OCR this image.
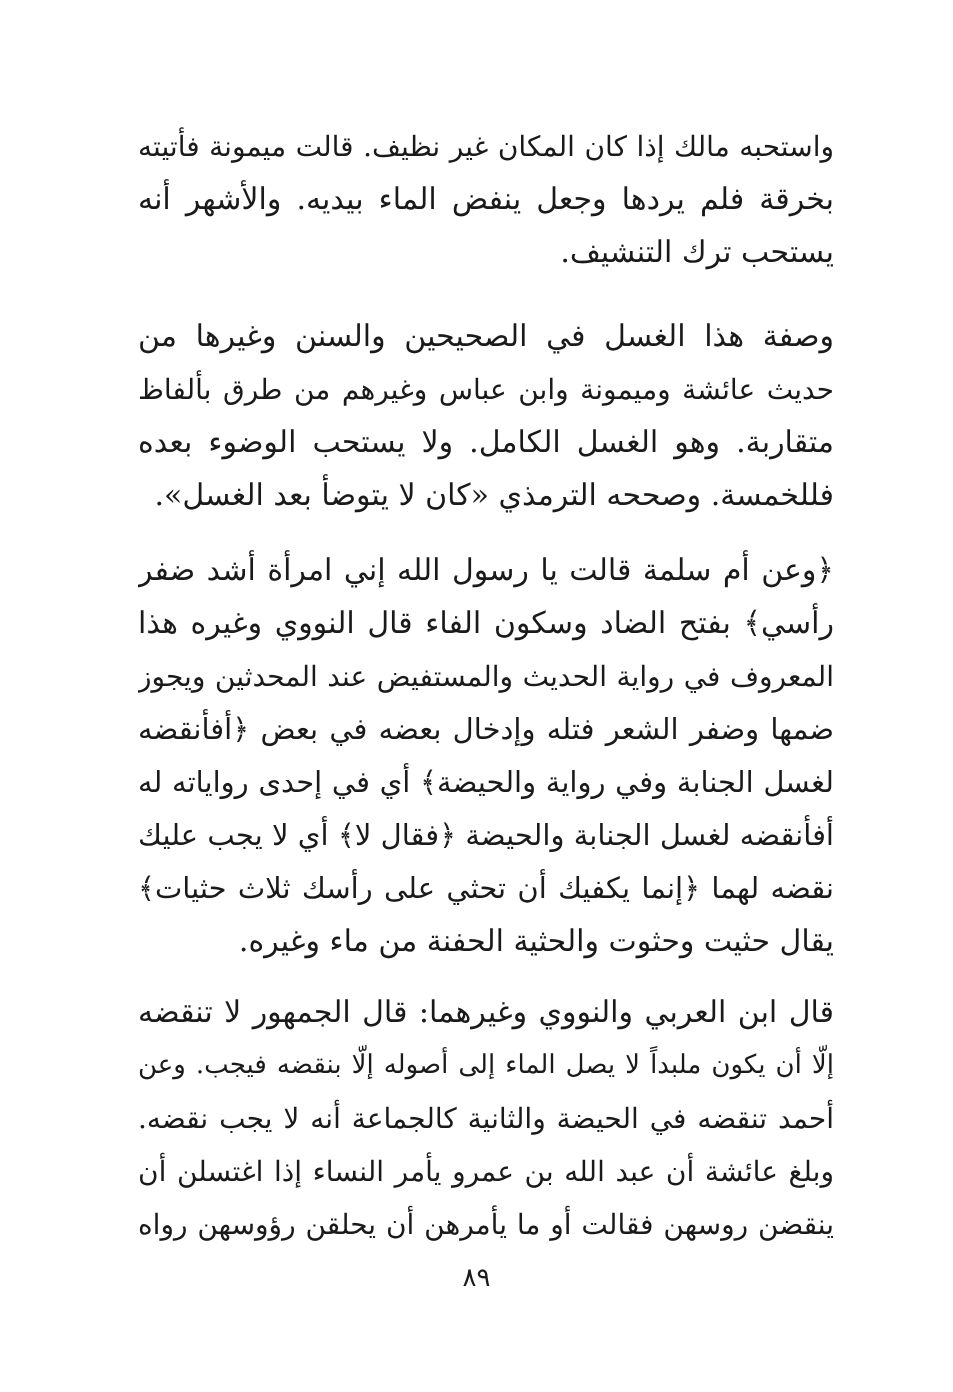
واستحبه مالك إذا كان المكان غير نظيف. قالت ميمونة فأتيته
بخرقة فلم يردها وجعل ينفض الماء بيديه. والأشهر أنه
يستحب ترك التنشيف.
وصفة هذا الغسل في الصحيحين والسنن وغيرها من
حديث عائشة وميمونة وابن عباس وغيرهم من طرق بألفاظ
متقاربة. وهو الغسل الكامل. ولا يستحب الوضوء بعده
فللخمسة. وصححه الترمذي «كان لا يتوضأ بعد الغسل».
﴿وعن أم سلمة قالت يا رسول الله إني امرأة أشد ضفر
رأسي﴾ بفتح الضاد وسكون الفاء قال النووي وغيره هذا
المعروف في رواية الحديث والمستفيض عند المحدثين ويجوز
ضمها وضفر الشعر فتله وإدخال بعضه في بعض ﴿أفأنقضه
لغسل الجنابة وفي رواية والحيضة﴾ أي في إحدى رواياته له
أفأنقضه لغسل الجنابة والحيضة ﴿فقال لا﴾ أي لا يجب عليك
نقضه لهما ﴿إنما يكفيك أن تحثي على رأسك ثلاث حثيات﴾
يقال حثيت وحثوت والحثية الحفنة من ماء وغيره.
قال ابن العربي والنووي وغيرهما: قال الجمهور لا تنقضه
إلّا أن يكون ملبداً لا يصل الماء إلى أصوله إلّا بنقضه فيجب. وعن
أحمد تنقضه في الحيضة والثانية كالجماعة أنه لا يجب نقضه.
وبلغ عائشة أن عبد الله بن عمرو يأمر النساء إذا اغتسلن أن
ينقضن روسهن فقالت أو ما يأمرهن أن يحلقن رؤوسهن رواه
٨٩
